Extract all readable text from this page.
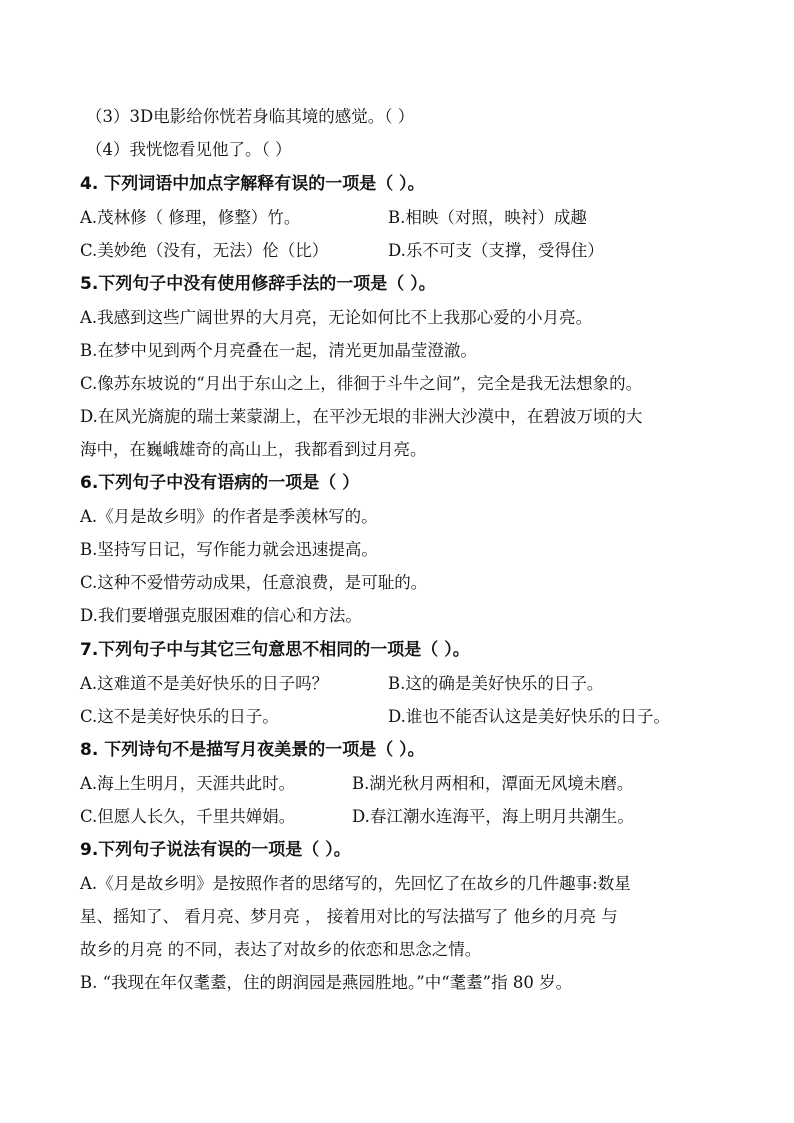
（3）3D电影给你恍若身临其境的感觉。（ ）
（4）我恍惚看见他了。（ ）
4. 下列词语中加点字解释有误的一项是（ ）。
A.茂林修（ 修理，修整）竹。	B.相映（对照，映衬）成趣
C.美妙绝（没有，无法）伦（比）	D.乐不可支（支撑，受得住）
5.下列句子中没有使用修辞手法的一项是（ ）。
A.我感到这些广阔世界的大月亮，无论如何比不上我那心爱的小月亮。
B.在梦中见到两个月亮叠在一起，清光更加晶莹澄澈。
C.像苏东坡说的“月出于东山之上，徘徊于斗牛之间”，完全是我无法想象的。
D.在风光旖旎的瑞士莱蒙湖上，在平沙无垠的非洲大沙漠中，在碧波万顷的大
海中，在巍峨雄奇的高山上，我都看到过月亮。
6.下列句子中没有语病的一项是（ ）
A.《月是故乡明》的作者是季羡林写的。
B.坚持写日记，写作能力就会迅速提高。
C.这种不爱惜劳动成果，任意浪费，是可耻的。
D.我们要增强克服困难的信心和方法。
7.下列句子中与其它三句意思不相同的一项是（ ）。
A.这难道不是美好快乐的日子吗？	B.这的确是美好快乐的日子。
C.这不是美好快乐的日子。	D.谁也不能否认这是美好快乐的日子。
8. 下列诗句不是描写月夜美景的一项是（ ）。
A.海上生明月，天涯共此时。	B.湖光秋月两相和，潭面无风境未磨。
C.但愿人长久，千里共婵娟。	D.春江潮水连海平，海上明月共潮生。
9.下列句子说法有误的一项是（ ）。
A.《月是故乡明》是按照作者的思绪写的，先回忆了在故乡的几件趣事:数星
星、摇知了、 看月亮、梦月亮 ， 接着用对比的写法描写了 他乡的月亮 与
故乡的月亮 的不同，表达了对故乡的依恋和思念之情。
B. “我现在年仅耄耋，住的朗润园是燕园胜地。”中“耄耋”指 80 岁。
